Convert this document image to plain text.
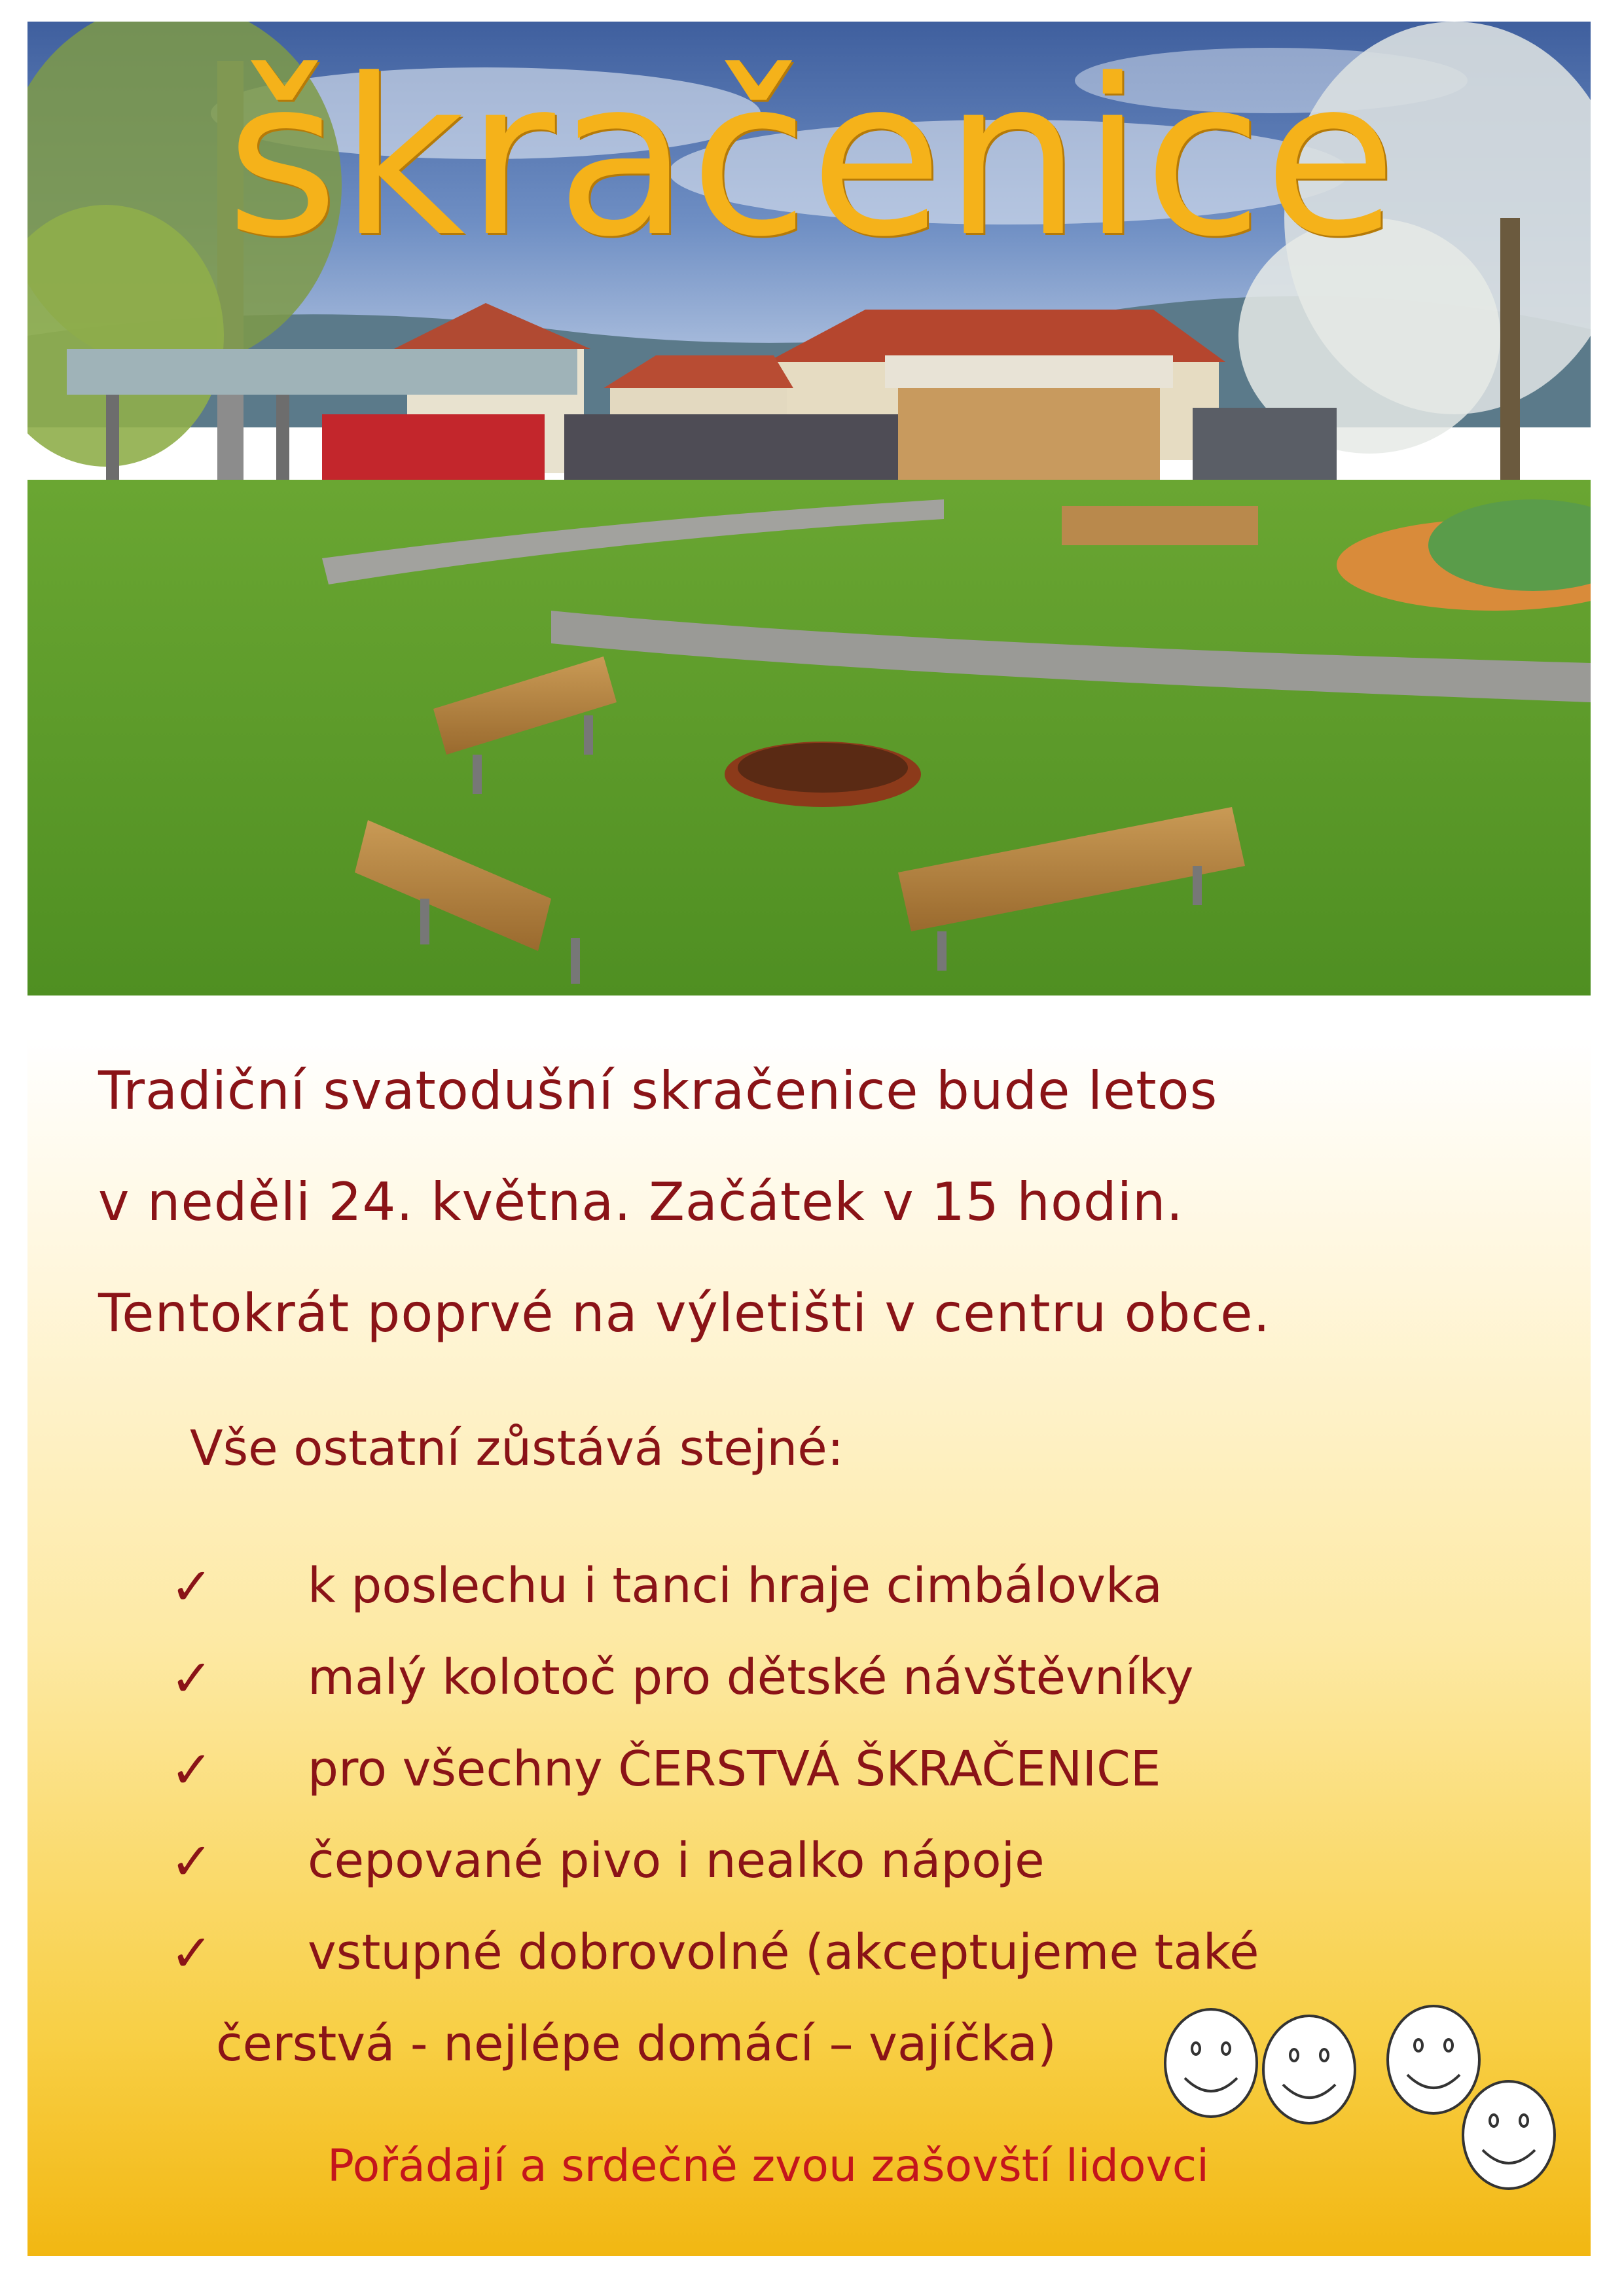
škračenice
Tradiční svatodušní skračenice bude letos
v neděli 24. května. Začátek v 15 hodin.
Tentokrát poprvé na výletišti v centru obce.
Vše ostatní zůstává stejné:
✓ k poslechu i tanci hraje cimbálovka
✓ malý kolotoč pro dětské návštěvníky
✓ pro všechny ČERSTVÁ ŠKRAČENICE
✓ čepované pivo i nealko nápoje
✓ vstupné dobrovolné (akceptujeme také
čerstvá - nejlépe domácí – vajíčka)
Pořádají a srdečně zvou zašovští lidovci
